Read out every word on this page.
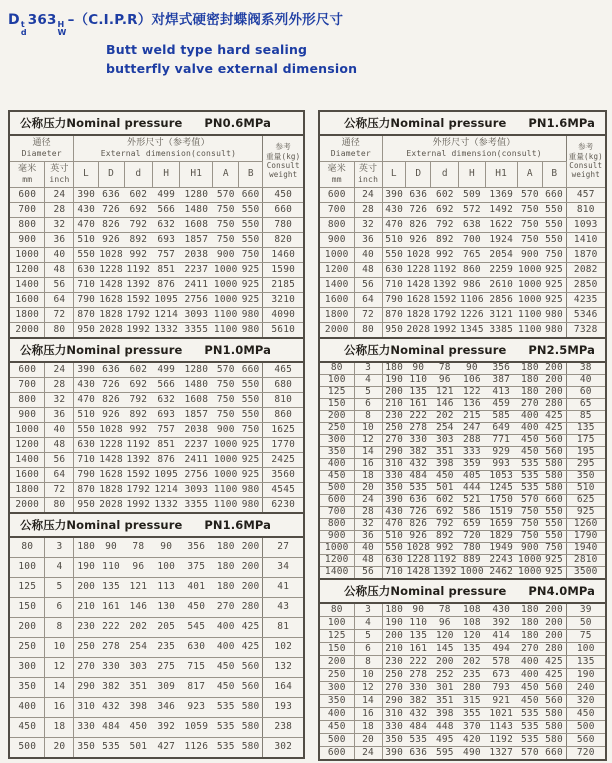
D t
d
363 H
W
–（C.I.P.R）对焊式硬密封蝶阀系列外形尺寸
Butt weld type hard sealing
butterfly valve external dimension
公称压力Nominal pressure PN0.6MPa									

通径
Diameter

外形尺寸（参考值）
External dimension(consult)

参考
重量(kg)
Consult
weight

毫米
mm

英寸
inch
	L	D	d	H	H1	A	B
600	24	390	636	602	499	1280	570	660	450
700	28	430	726	692	566	1480	750	550	660
800	32	470	826	792	632	1608	750	550	780
900	36	510	926	892	693	1857	750	550	820
1000	40	550	1028	992	757	2038	900	750	1460
1200	48	630	1228	1192	851	2237	1000	925	1590
1400	56	710	1428	1392	876	2411	1000	925	2185
1600	64	790	1628	1592	1095	2756	1000	925	3210
1800	72	870	1828	1792	1214	3093	1100	980	4090
2000	80	950	2028	1992	1332	3355	1100	980	5610
公称压力Nominal pressure PN1.0MPa									
600	24	390	636	602	499	1280	570	660	465
700	28	430	726	692	566	1480	750	550	680
800	32	470	826	792	632	1608	750	550	810
900	36	510	926	892	693	1857	750	550	860
1000	40	550	1028	992	757	2038	900	750	1625
1200	48	630	1228	1192	851	2237	1000	925	1770
1400	56	710	1428	1392	876	2411	1000	925	2425
1600	64	790	1628	1592	1095	2756	1000	925	3560
1800	72	870	1828	1792	1214	3093	1100	980	4545
2000	80	950	2028	1992	1332	3355	1100	980	6230
公称压力Nominal pressure PN1.6MPa									
80	3	180	90	78	90	356	180	200	27
100	4	190	110	96	100	375	180	200	34
125	5	200	135	121	113	401	180	200	41
150	6	210	161	146	130	450	270	280	43
200	8	230	222	202	205	545	400	425	81
250	10	250	278	254	235	630	400	425	102
300	12	270	330	303	275	715	450	560	132
350	14	290	382	351	309	817	450	560	164
400	16	310	432	398	346	923	535	580	193
450	18	330	484	450	392	1059	535	580	238
500	20	350	535	501	427	1126	535	580	302
公称压力Nominal pressure PN1.6MPa									

通径
Diameter

外形尺寸（参考值）
External dimension(consult)

参考
重量(kg)
Consult
weight

毫米
mm

英寸
inch
	L	D	d	H	H1	A	B
600	24	390	636	602	509	1369	570	660	457
700	28	430	726	692	572	1492	750	550	810
800	32	470	826	792	638	1622	750	550	1093
900	36	510	926	892	700	1924	750	550	1410
1000	40	550	1028	992	765	2054	900	750	1870
1200	48	630	1228	1192	860	2259	1000	925	2082
1400	56	710	1428	1392	986	2610	1000	925	2850
1600	64	790	1628	1592	1106	2856	1000	925	4235
1800	72	870	1828	1792	1226	3121	1100	980	5346
2000	80	950	2028	1992	1345	3385	1100	980	7328
公称压力Nominal pressure PN2.5MPa									
80	3	180	90	78	90	356	180	200	38
100	4	190	110	96	106	387	180	200	40
125	5	200	135	121	122	413	180	200	60
150	6	210	161	146	136	459	270	280	65
200	8	230	222	202	215	585	400	425	85
250	10	250	278	254	247	649	400	425	135
300	12	270	330	303	288	771	450	560	175
350	14	290	382	351	333	929	450	560	195
400	16	310	432	398	359	993	535	580	295
450	18	330	484	450	405	1053	535	580	350
500	20	350	535	501	444	1245	535	580	510
600	24	390	636	602	521	1750	570	660	625
700	28	430	726	692	586	1519	750	550	925
800	32	470	826	792	659	1659	750	550	1260
900	36	510	926	892	720	1829	750	550	1790
1000	40	550	1028	992	780	1949	900	750	1940
1200	48	630	1228	1192	889	2243	1000	925	2810
1400	56	710	1428	1392	1000	2462	1000	925	3500
公称压力Nominal pressure PN4.0MPa									
80	3	180	90	78	108	430	180	200	39
100	4	190	110	96	108	392	180	200	50
125	5	200	135	120	120	414	180	200	75
150	6	210	161	145	135	494	270	280	100
200	8	230	222	200	202	578	400	425	135
250	10	250	278	252	235	673	400	425	190
300	12	270	330	301	280	793	450	560	240
350	14	290	382	351	315	921	450	560	320
400	16	310	432	398	355	1021	535	580	450
450	18	330	484	448	370	1143	535	580	500
500	20	350	535	495	420	1192	535	580	560
600	24	390	636	595	490	1327	570	660	720
